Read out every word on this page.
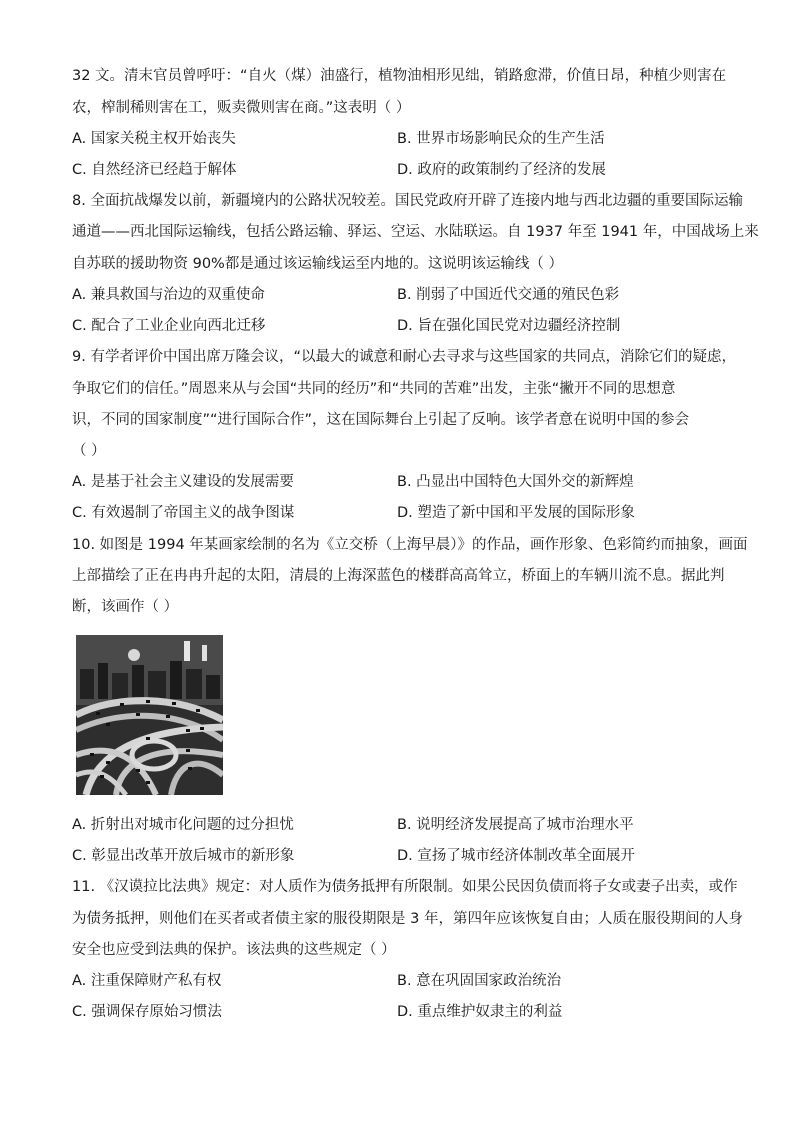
32 文。清末官员曾呼吁：“自火（煤）油盛行，植物油相形见绌，销路愈滞，价值日昂，种植少则害在
农，榨制稀则害在工，贩卖微则害在商。”这表明（ ）
A. 国家关税主权开始丧失	B. 世界市场影响民众的生产生活
C. 自然经济已经趋于解体	D. 政府的政策制约了经济的发展
8. 全面抗战爆发以前，新疆境内的公路状况较差。国民党政府开辟了连接内地与西北边疆的重要国际运输
通道——西北国际运输线，包括公路运输、驿运、空运、水陆联运。自 1937 年至 1941 年，中国战场上来
自苏联的援助物资 90%都是通过该运输线运至内地的。这说明该运输线（ ）
A. 兼具救国与治边的双重使命	B. 削弱了中国近代交通的殖民色彩
C. 配合了工业企业向西北迁移	D. 旨在强化国民党对边疆经济控制
9. 有学者评价中国出席万隆会议，“以最大的诚意和耐心去寻求与这些国家的共同点，消除它们的疑虑，
争取它们的信任。”周恩来从与会国“共同的经历”和“共同的苦难”出发，主张“撇开不同的思想意
识，不同的国家制度”“进行国际合作”，这在国际舞台上引起了反响。该学者意在说明中国的参会
（ ）
A. 是基于社会主义建设的发展需要	B. 凸显出中国特色大国外交的新辉煌
C. 有效遏制了帝国主义的战争图谋	D. 塑造了新中国和平发展的国际形象
10. 如图是 1994 年某画家绘制的名为《立交桥（上海早晨）》的作品，画作形象、色彩简约而抽象，画面
上部描绘了正在冉冉升起的太阳，清晨的上海深蓝色的楼群高高耸立，桥面上的车辆川流不息。据此判
断，该画作（ ）
A. 折射出对城市化问题的过分担忧	B. 说明经济发展提高了城市治理水平
C. 彰显出改革开放后城市的新形象	D. 宣扬了城市经济体制改革全面展开
11. 《汉谟拉比法典》规定：对人质作为债务抵押有所限制。如果公民因负债而将子女或妻子出卖，或作
为债务抵押，则他们在买者或者债主家的服役期限是 3 年，第四年应该恢复自由；人质在服役期间的人身
安全也应受到法典的保护。该法典的这些规定（ ）
A. 注重保障财产私有权	B. 意在巩固国家政治统治
C. 强调保存原始习惯法	D. 重点维护奴隶主的利益
